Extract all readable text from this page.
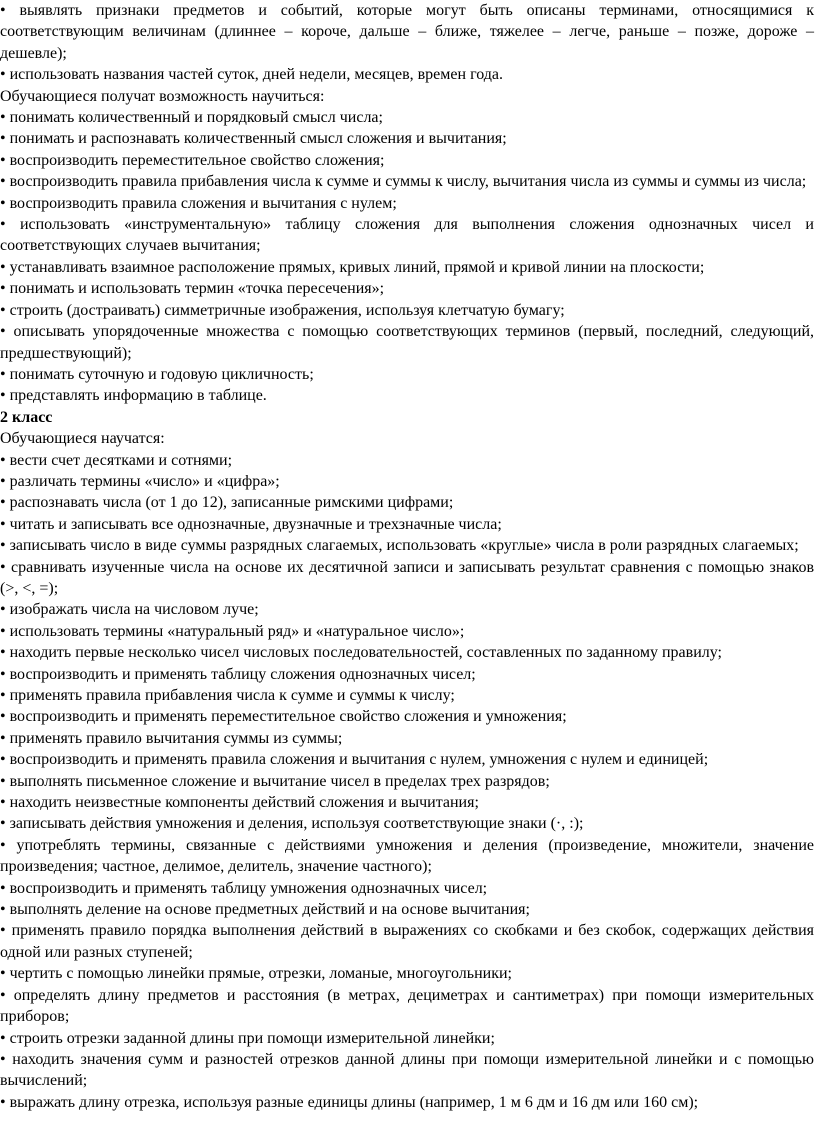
• выявлять признаки предметов и событий, которые могут быть описаны терминами, относящимися к соответствующим величинам (длиннее – короче, дальше – ближе, тяжелее – легче, раньше – позже, дороже – дешевле);

• использовать названия частей суток, дней недели, месяцев, времен года.

Обучающиеся получат возможность научиться:

• понимать количественный и порядковый смысл числа;

• понимать и распознавать количественный смысл сложения и вычитания;

• воспроизводить переместительное свойство сложения;

• воспроизводить правила прибавления числа к сумме и суммы к числу, вычитания числа из суммы и суммы из числа;

• воспроизводить правила сложения и вычитания с нулем;

• использовать «инструментальную» таблицу сложения для выполнения сложения однозначных чисел и соответствующих случаев вычитания;

• устанавливать взаимное расположение прямых, кривых линий, прямой и кривой линии на плоскости;

• понимать и использовать термин «точка пересечения»;

• строить (достраивать) симметричные изображения, используя клетчатую бумагу;

• описывать упорядоченные множества с помощью соответствующих терминов (первый, последний, следующий, предшествующий);

• понимать суточную и годовую цикличность;

• представлять информацию в таблице.

2 класс

Обучающиеся научатся:

• вести счет десятками и сотнями;

• различать термины «число» и «цифра»;

• распознавать числа (от 1 до 12), записанные римскими цифрами;

• читать и записывать все однозначные, двузначные и трехзначные числа;

• записывать число в виде суммы разрядных слагаемых, использовать «круглые» числа в роли разрядных слагаемых;

• сравнивать изученные числа на основе их десятичной записи и записывать результат сравнения с помощью знаков (>, <, =);

• изображать числа на числовом луче;

• использовать термины «натуральный ряд» и «натуральное число»;

• находить первые несколько чисел числовых последовательностей, составленных по заданному правилу;

• воспроизводить и применять таблицу сложения однозначных чисел;

• применять правила прибавления числа к сумме и суммы к числу;

• воспроизводить и применять переместительное свойство сложения и умножения;

• применять правило вычитания суммы из суммы;

• воспроизводить и применять правила сложения и вычитания с нулем, умножения с нулем и единицей;

• выполнять письменное сложение и вычитание чисел в пределах трех разрядов;

• находить неизвестные компоненты действий сложения и вычитания;

• записывать действия умножения и деления, используя соответствующие знаки (·, :);

• употреблять термины, связанные с действиями умножения и деления (произведение, множители, значение произведения; частное, делимое, делитель, значение частного);

• воспроизводить и применять таблицу умножения однозначных чисел;

• выполнять деление на основе предметных действий и на основе вычитания;

• применять правило порядка выполнения действий в выражениях со скобками и без скобок, содержащих действия одной или разных ступеней;

• чертить с помощью линейки прямые, отрезки, ломаные, многоугольники;

• определять длину предметов и расстояния (в метрах, дециметрах и сантиметрах) при помощи измерительных приборов;

• строить отрезки заданной длины при помощи измерительной линейки;

• находить значения сумм и разностей отрезков данной длины при помощи измерительной линейки и с помощью вычислений;

• выражать длину отрезка, используя разные единицы длины (например, 1 м 6 дм и 16 дм или 160 см);
